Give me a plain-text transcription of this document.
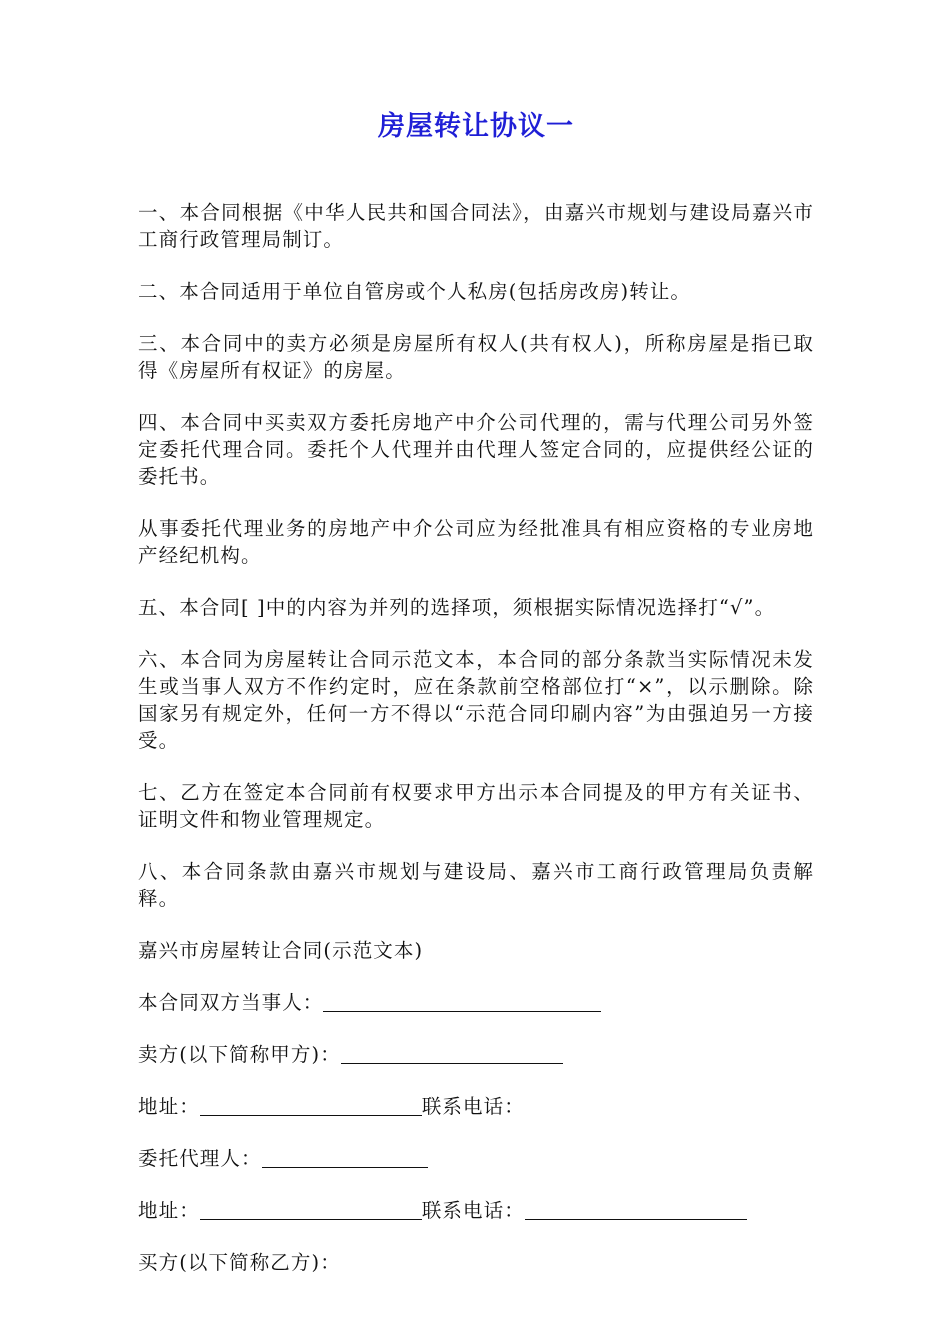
房屋转让协议一

一、本合同根据《中华人民共和国合同法》，由嘉兴市规划与建设局嘉兴市工商行政管理局制订。

二、本合同适用于单位自管房或个人私房(包括房改房)转让。

三、本合同中的卖方必须是房屋所有权人(共有权人)，所称房屋是指已取得《房屋所有权证》的房屋。

四、本合同中买卖双方委托房地产中介公司代理的，需与代理公司另外签定委托代理合同。委托个人代理并由代理人签定合同的，应提供经公证的委托书。

从事委托代理业务的房地产中介公司应为经批准具有相应资格的专业房地产经纪机构。

五、本合同[ ]中的内容为并列的选择项，须根据实际情况选择打“√”。

六、本合同为房屋转让合同示范文本，本合同的部分条款当实际情况未发生或当事人双方不作约定时，应在条款前空格部位打“×”，以示删除。除国家另有规定外，任何一方不得以“示范合同印刷内容”为由强迫另一方接受。

七、乙方在签定本合同前有权要求甲方出示本合同提及的甲方有关证书、证明文件和物业管理规定。

八、本合同条款由嘉兴市规划与建设局、嘉兴市工商行政管理局负责解释。

嘉兴市房屋转让合同(示范文本)

本合同双方当事人：

卖方(以下简称甲方)：

地址：	联系电话：

委托代理人：

地址：	联系电话：

买方(以下简称乙方)：
